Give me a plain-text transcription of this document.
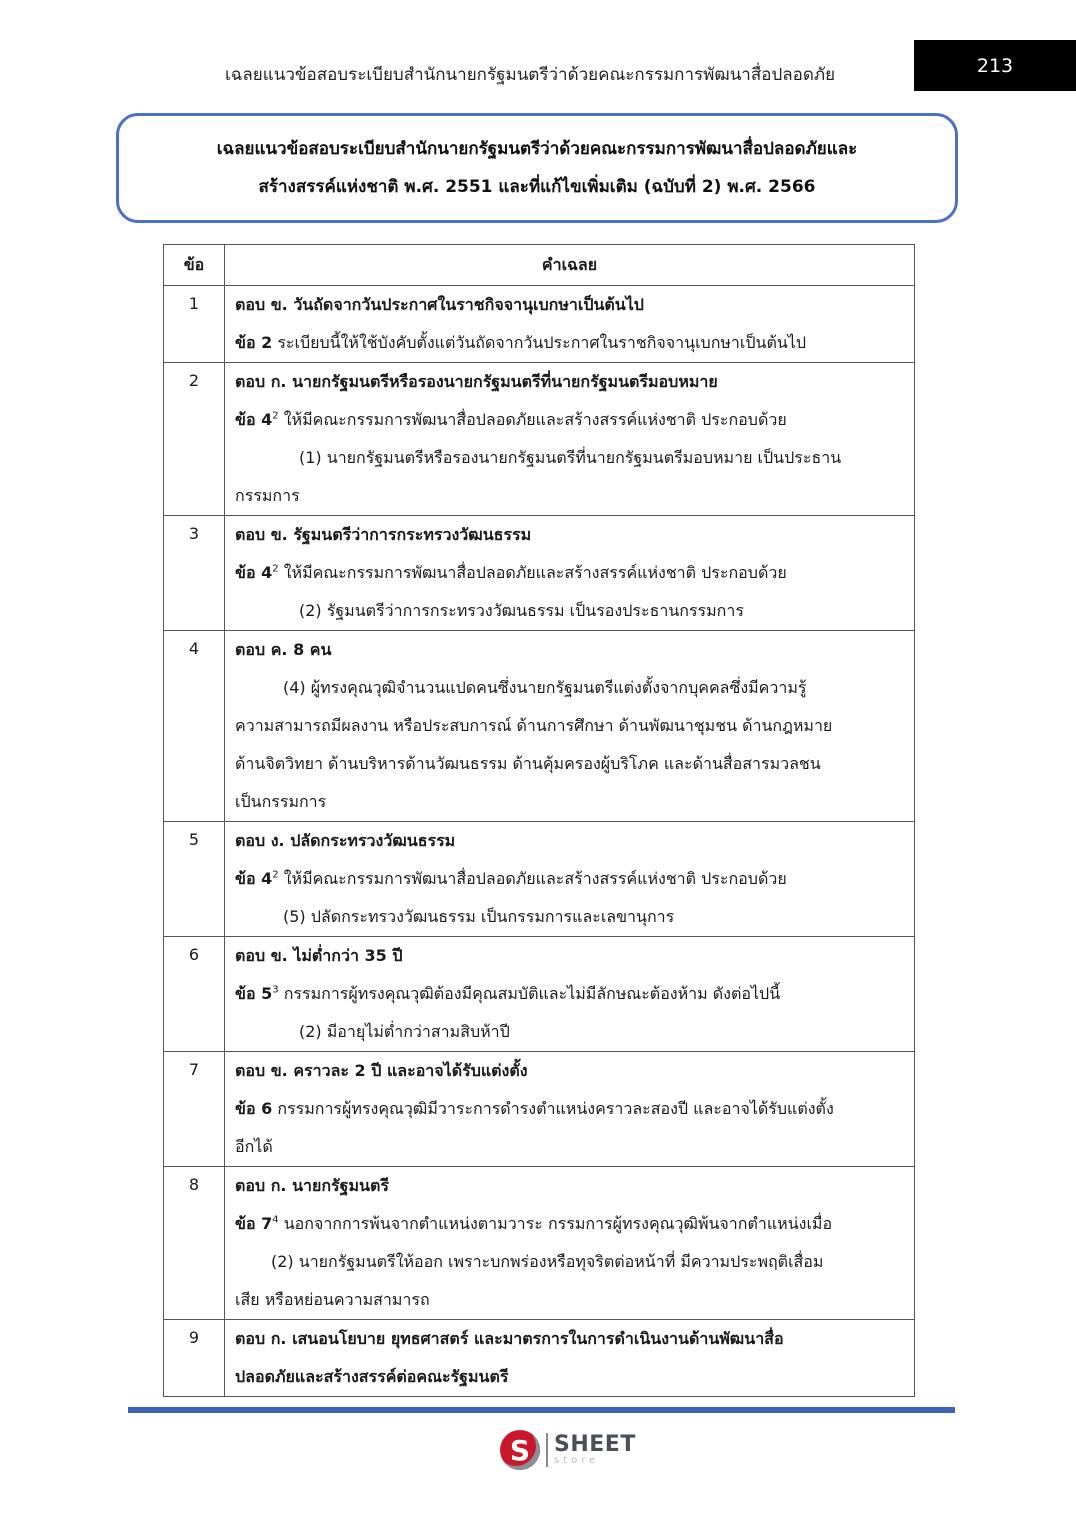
เฉลยแนวข้อสอบระเบียบสำนักนายกรัฐมนตรีว่าด้วยคณะกรรมการพัฒนาสื่อปลอดภัย	213
เฉลยแนวข้อสอบระเบียบสำนักนายกรัฐมนตรีว่าด้วยคณะกรรมการพัฒนาสื่อปลอดภัยและ
สร้างสรรค์แห่งชาติ พ.ศ. 2551 และที่แก้ไขเพิ่มเติม (ฉบับที่ 2) พ.ศ. 2566
ข้อ	คำเฉลย
1	ตอบ ข. วันถัดจากวันประกาศในราชกิจจานุเบกษาเป็นต้นไป
ข้อ 2 ระเบียบนี้ให้ใช้บังคับตั้งแต่วันถัดจากวันประกาศในราชกิจจานุเบกษาเป็นต้นไป

2	ตอบ ก. นายกรัฐมนตรีหรือรองนายกรัฐมนตรีที่นายกรัฐมนตรีมอบหมาย
ข้อ $4^2$ ให้มีคณะกรรมการพัฒนาสื่อปลอดภัยและสร้างสรรค์แห่งชาติ ประกอบด้วย
(1) นายกรัฐมนตรีหรือรองนายกรัฐมนตรีที่นายกรัฐมนตรีมอบหมาย เป็นประธาน
กรรมการ

3	ตอบ ข. รัฐมนตรีว่าการกระทรวงวัฒนธรรม
ข้อ $4^2$ ให้มีคณะกรรมการพัฒนาสื่อปลอดภัยและสร้างสรรค์แห่งชาติ ประกอบด้วย
(2) รัฐมนตรีว่าการกระทรวงวัฒนธรรม เป็นรองประธานกรรมการ

4	ตอบ ค. 8 คน
(4) ผู้ทรงคุณวุฒิจำนวนแปดคนซึ่งนายกรัฐมนตรีแต่งตั้งจากบุคคลซึ่งมีความรู้
ความสามารถมีผลงาน หรือประสบการณ์ ด้านการศึกษา ด้านพัฒนาชุมชน ด้านกฎหมาย
ด้านจิตวิทยา ด้านบริหารด้านวัฒนธรรม ด้านคุ้มครองผู้บริโภค และด้านสื่อสารมวลชน
เป็นกรรมการ

5	ตอบ ง. ปลัดกระทรวงวัฒนธรรม
ข้อ $4^2$ ให้มีคณะกรรมการพัฒนาสื่อปลอดภัยและสร้างสรรค์แห่งชาติ ประกอบด้วย
(5) ปลัดกระทรวงวัฒนธรรม เป็นกรรมการและเลขานุการ

6	ตอบ ข. ไม่ต่ำกว่า 35 ปี
ข้อ $5^3$ กรรมการผู้ทรงคุณวุฒิต้องมีคุณสมบัติและไม่มีลักษณะต้องห้าม ดังต่อไปนี้
(2) มีอายุไม่ต่ำกว่าสามสิบห้าปี

7	ตอบ ข. คราวละ 2 ปี และอาจได้รับแต่งตั้ง
ข้อ 6 กรรมการผู้ทรงคุณวุฒิมีวาระการดำรงตำแหน่งคราวละสองปี และอาจได้รับแต่งตั้ง
อีกได้

8	ตอบ ก. นายกรัฐมนตรี
ข้อ $7^4$ นอกจากการพ้นจากตำแหน่งตามวาระ กรรมการผู้ทรงคุณวุฒิพ้นจากตำแหน่งเมื่อ
(2) นายกรัฐมนตรีให้ออก เพราะบกพร่องหรือทุจริตต่อหน้าที่ มีความประพฤติเสื่อม
เสีย หรือหย่อนความสามารถ

9	ตอบ ก. เสนอนโยบาย ยุทธศาสตร์ และมาตรการในการดำเนินงานด้านพัฒนาสื่อ
ปลอดภัยและสร้างสรรค์ต่อคณะรัฐมนตรี
S	SHEET
store
